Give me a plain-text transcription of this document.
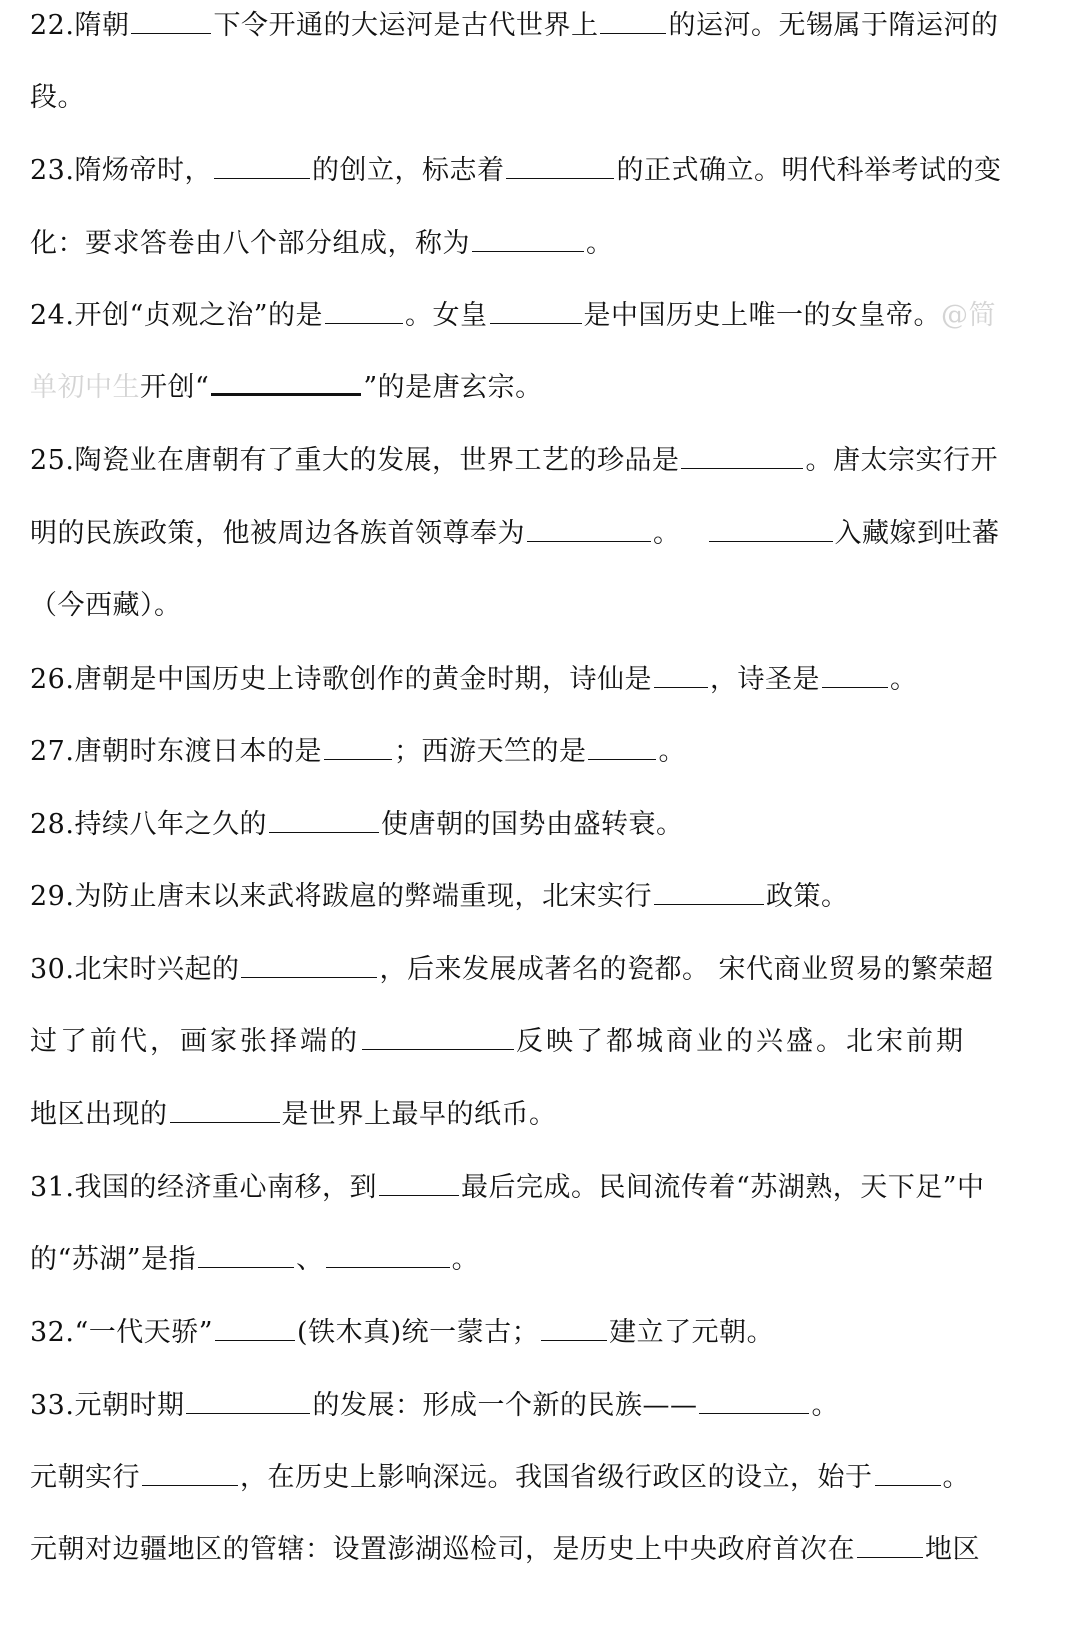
22.隋朝	下令开通的大运河是古代世界上	的运河。无锡属于隋运河的
段。
23.隋炀帝时，	的创立，标志着	的正式确立。明代科举考试的变
化：要求答卷由八个部分组成，称为	。
24.开创“贞观之治”的是	。女皇	是中国历史上唯一的女皇帝。@简
单初中生开创“	”的是唐玄宗。
25.陶瓷业在唐朝有了重大的发展，世界工艺的珍品是	。唐太宗实行开
明的民族政策，他被周边各族首领尊奉为	。	入藏嫁到吐蕃
（今西藏）。
26.唐朝是中国历史上诗歌创作的黄金时期，诗仙是 ，诗圣是	。
27.唐朝时东渡日本的是	；西游天竺的是	。
28.持续八年之久的	使唐朝的国势由盛转衰。
29.为防止唐末以来武将跋扈的弊端重现，北宋实行	政策。
30.北宋时兴起的	，后来发展成著名的瓷都。 宋代商业贸易的繁荣超
过了前代，画家张择端的	反映了都城商业的兴盛。北宋前期
地区出现的	是世界上最早的纸币。
31.我国的经济重心南移，到	最后完成。民间流传着“苏湖熟，天下足”中
的“苏湖”是指	、	。
32.“一代天骄”	(铁木真)统一蒙古；	建立了元朝。
33.元朝时期	的发展：形成一个新的民族——	。
元朝实行	，在历史上影响深远。我国省级行政区的设立，始于	。
元朝对边疆地区的管辖：设置澎湖巡检司，是历史上中央政府首次在	地区
